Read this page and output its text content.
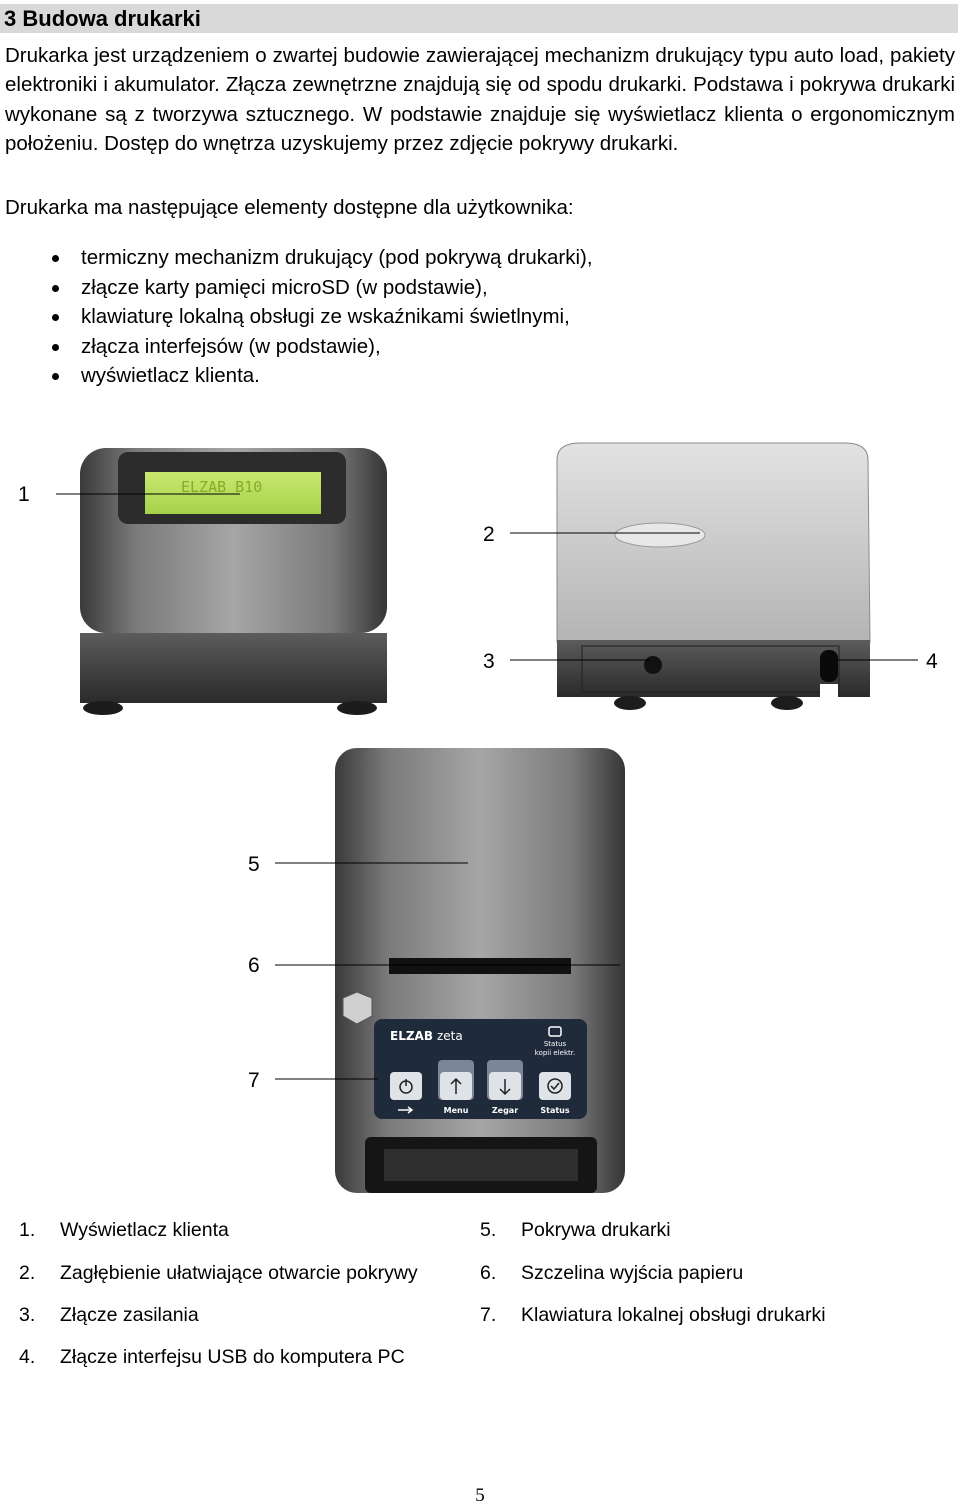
3 Budowa drukarki

Drukarka jest urządzeniem o zwartej budowie zawierającej mechanizm drukujący typu auto load, pakiety elektroniki i akumulator. Złącza zewnętrzne znajdują się od spodu drukarki. Podstawa i pokrywa drukarki wykonane są z tworzywa sztucznego. W podstawie znajduje się wyświetlacz klienta o ergonomicznym położeniu. Dostęp do wnętrza uzyskujemy przez zdjęcie pokrywy drukarki.

Drukarka ma następujące elementy dostępne dla użytkownika:

termiczny mechanizm drukujący (pod pokrywą drukarki),
złącze karty pamięci microSD (w podstawie),
klawiaturę lokalną obsługi ze wskaźnikami świetlnymi,
złącza interfejsów (w podstawie),
wyświetlacz klienta.
ELZAB B10
ELZAB zeta
Status
kopii elektr.
Menu	Zegar	Status
1
2
3	4
5
6
7
1. Wyświetlacz klienta
2. Zagłębienie ułatwiające otwarcie pokrywy
3. Złącze zasilania
4. Złącze interfejsu USB do komputera PC
5. Pokrywa drukarki
6. Szczelina wyjścia papieru
7. Klawiatura lokalnej obsługi drukarki
5
